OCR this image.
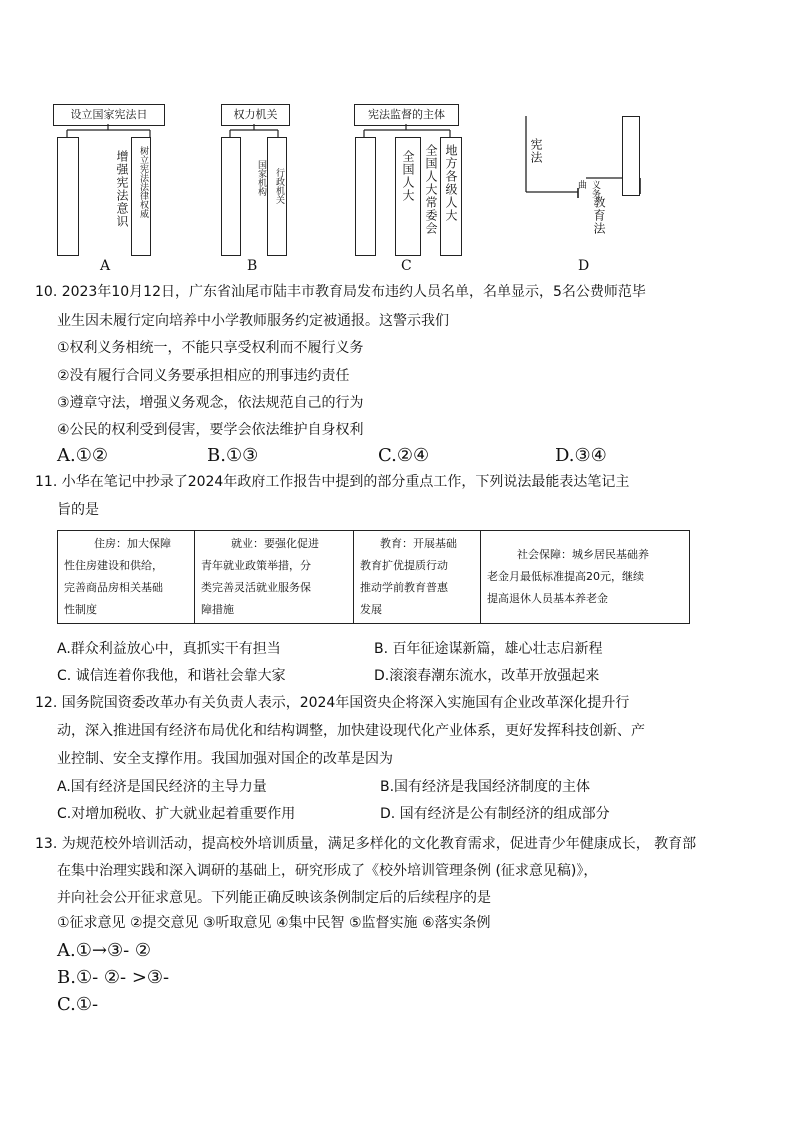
设立国家宪法日
增强宪法意识 树立宪法法律权威
A
权力机关
国家机构 行政机关
B
宪法监督的主体
全国人大 全国人大常委会 地方各级人大
C
宪法
曲 义务
教育法
D
10. 2023年10月12日，广东省汕尾市陆丰市教育局发布违约人员名单，名单显示，5名公费师范毕
业生因未履行定向培养中小学教师服务约定被通报。这警示我们
①权利义务相统一，不能只享受权利而不履行义务
②没有履行合同义务要承担相应的刑事违约责任
③遵章守法，增强义务观念，依法规范自己的行为
④公民的权利受到侵害，要学会依法维护自身权利
A.①②	B.①③	C.②④	D.③④
11. 小华在笔记中抄录了2024年政府工作报告中提到的部分重点工作，下列说法最能表达笔记主
旨的是
住房：加大保障
性住房建设和供给，
完善商品房相关基础
性制度

就业：要强化促进
青年就业政策举措，分
类完善灵活就业服务保
障措施

教育：开展基础
教育扩优提质行动
推动学前教育普惠
发展

社会保障：城乡居民基础养
老金月最低标准提高20元，继续
提高退休人员基本养老金
A.群众利益放心中，真抓实干有担当	B. 百年征途谋新篇，雄心壮志启新程
C. 诚信连着你我他，和谐社会靠大家	D.滚滚春潮东流水，改革开放强起来
12. 国务院国资委改革办有关负责人表示，2024年国资央企将深入实施国有企业改革深化提升行
动，深入推进国有经济布局优化和结构调整，加快建设现代化产业体系，更好发挥科技创新、产
业控制、安全支撑作用。我国加强对国企的改革是因为
A.国有经济是国民经济的主导力量	B.国有经济是我国经济制度的主体
C.对增加税收、扩大就业起着重要作用	D. 国有经济是公有制经济的组成部分
13. 为规范校外培训活动，提高校外培训质量，满足多样化的文化教育需求，促进青少年健康成长， 教育部
在集中治理实践和深入调研的基础上，研究形成了《校外培训管理条例 (征求意见稿)》，
并向社会公开征求意见。下列能正确反映该条例制定后的后续程序的是
①征求意见 ②提交意见 ③听取意见 ④集中民智 ⑤监督实施 ⑥落实条例
A.①→③- ②
B.①- ②- >③-
C.①-
